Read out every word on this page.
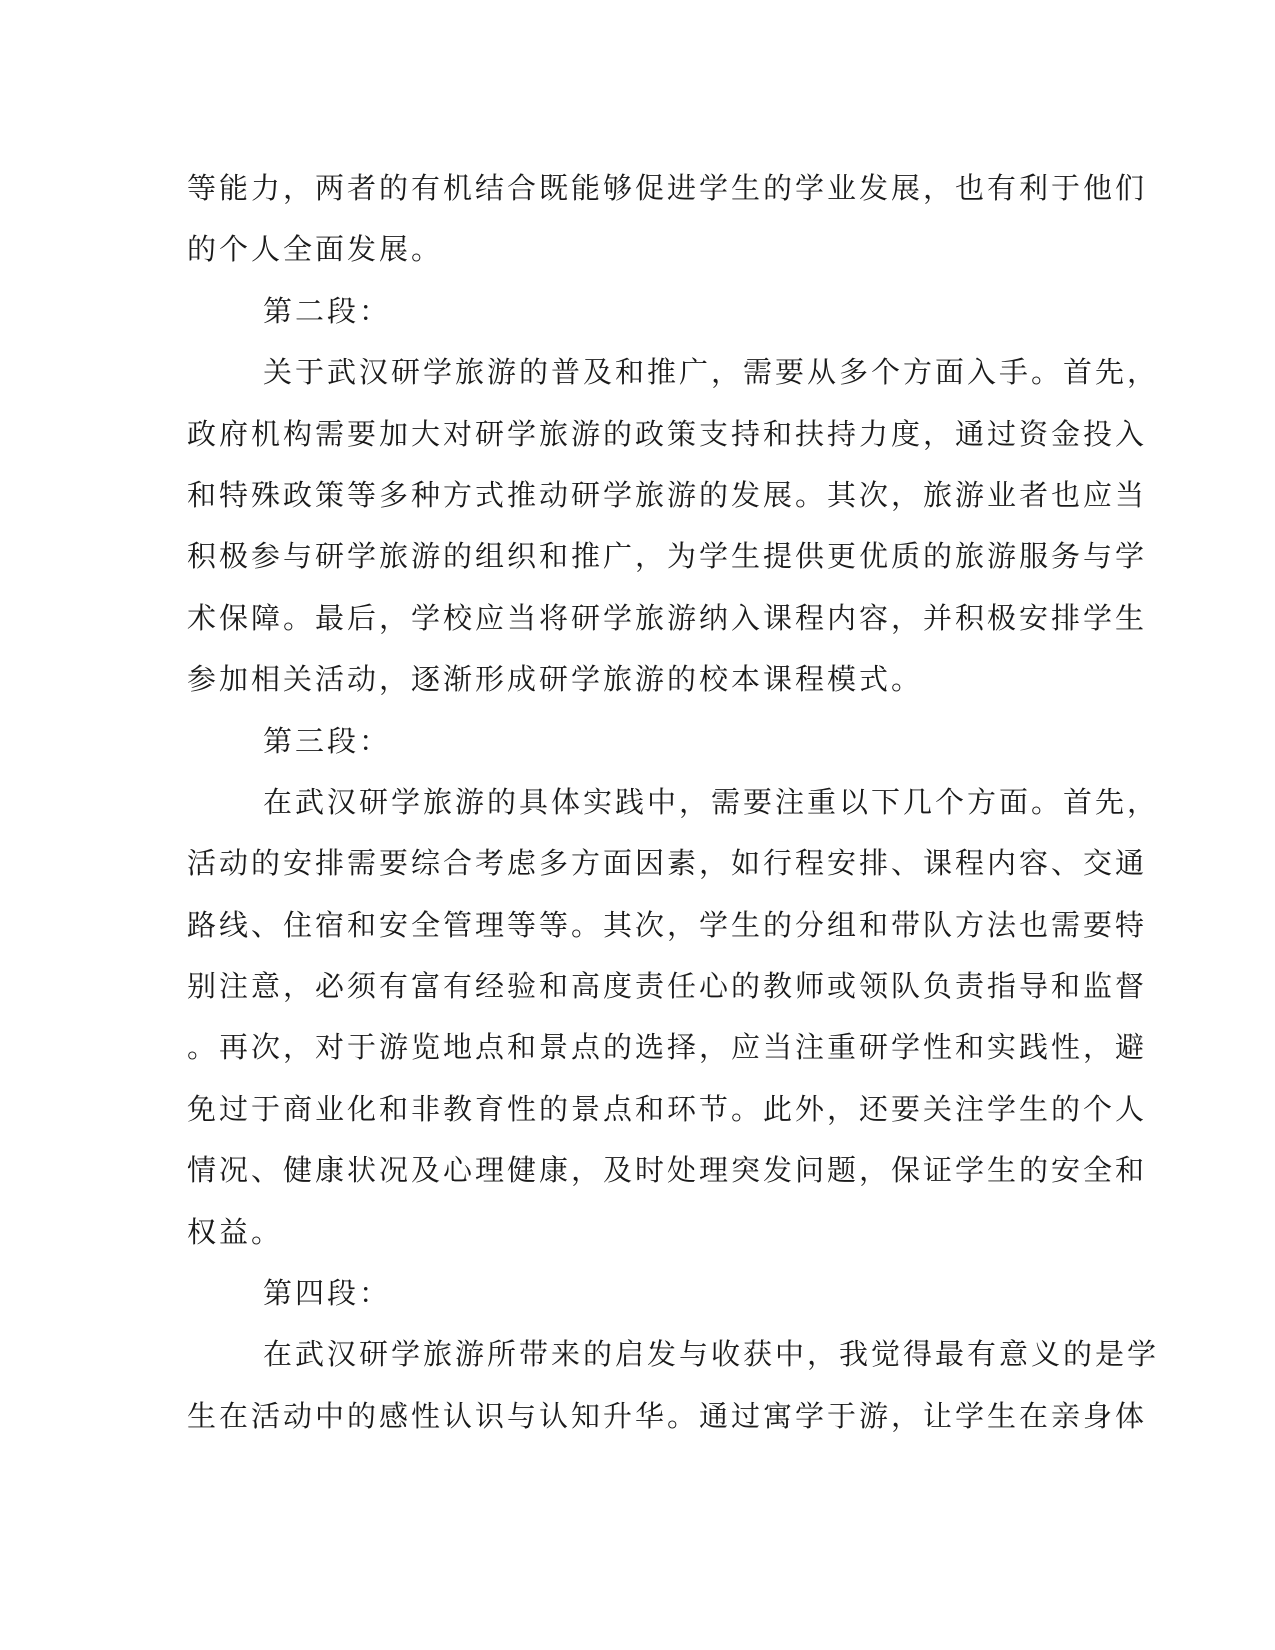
等能力，两者的有机结合既能够促进学生的学业发展，也有利于他们
的个人全面发展。
第二段：
关于武汉研学旅游的普及和推广，需要从多个方面入手。首先，
政府机构需要加大对研学旅游的政策支持和扶持力度，通过资金投入
和特殊政策等多种方式推动研学旅游的发展。其次，旅游业者也应当
积极参与研学旅游的组织和推广，为学生提供更优质的旅游服务与学
术保障。最后，学校应当将研学旅游纳入课程内容，并积极安排学生
参加相关活动，逐渐形成研学旅游的校本课程模式。
第三段：
在武汉研学旅游的具体实践中，需要注重以下几个方面。首先，
活动的安排需要综合考虑多方面因素，如行程安排、课程内容、交通
路线、住宿和安全管理等等。其次，学生的分组和带队方法也需要特
别注意，必须有富有经验和高度责任心的教师或领队负责指导和监督
。再次，对于游览地点和景点的选择，应当注重研学性和实践性，避
免过于商业化和非教育性的景点和环节。此外，还要关注学生的个人
情况、健康状况及心理健康，及时处理突发问题，保证学生的安全和
权益。
第四段：
在武汉研学旅游所带来的启发与收获中，我觉得最有意义的是学
生在活动中的感性认识与认知升华。通过寓学于游，让学生在亲身体
